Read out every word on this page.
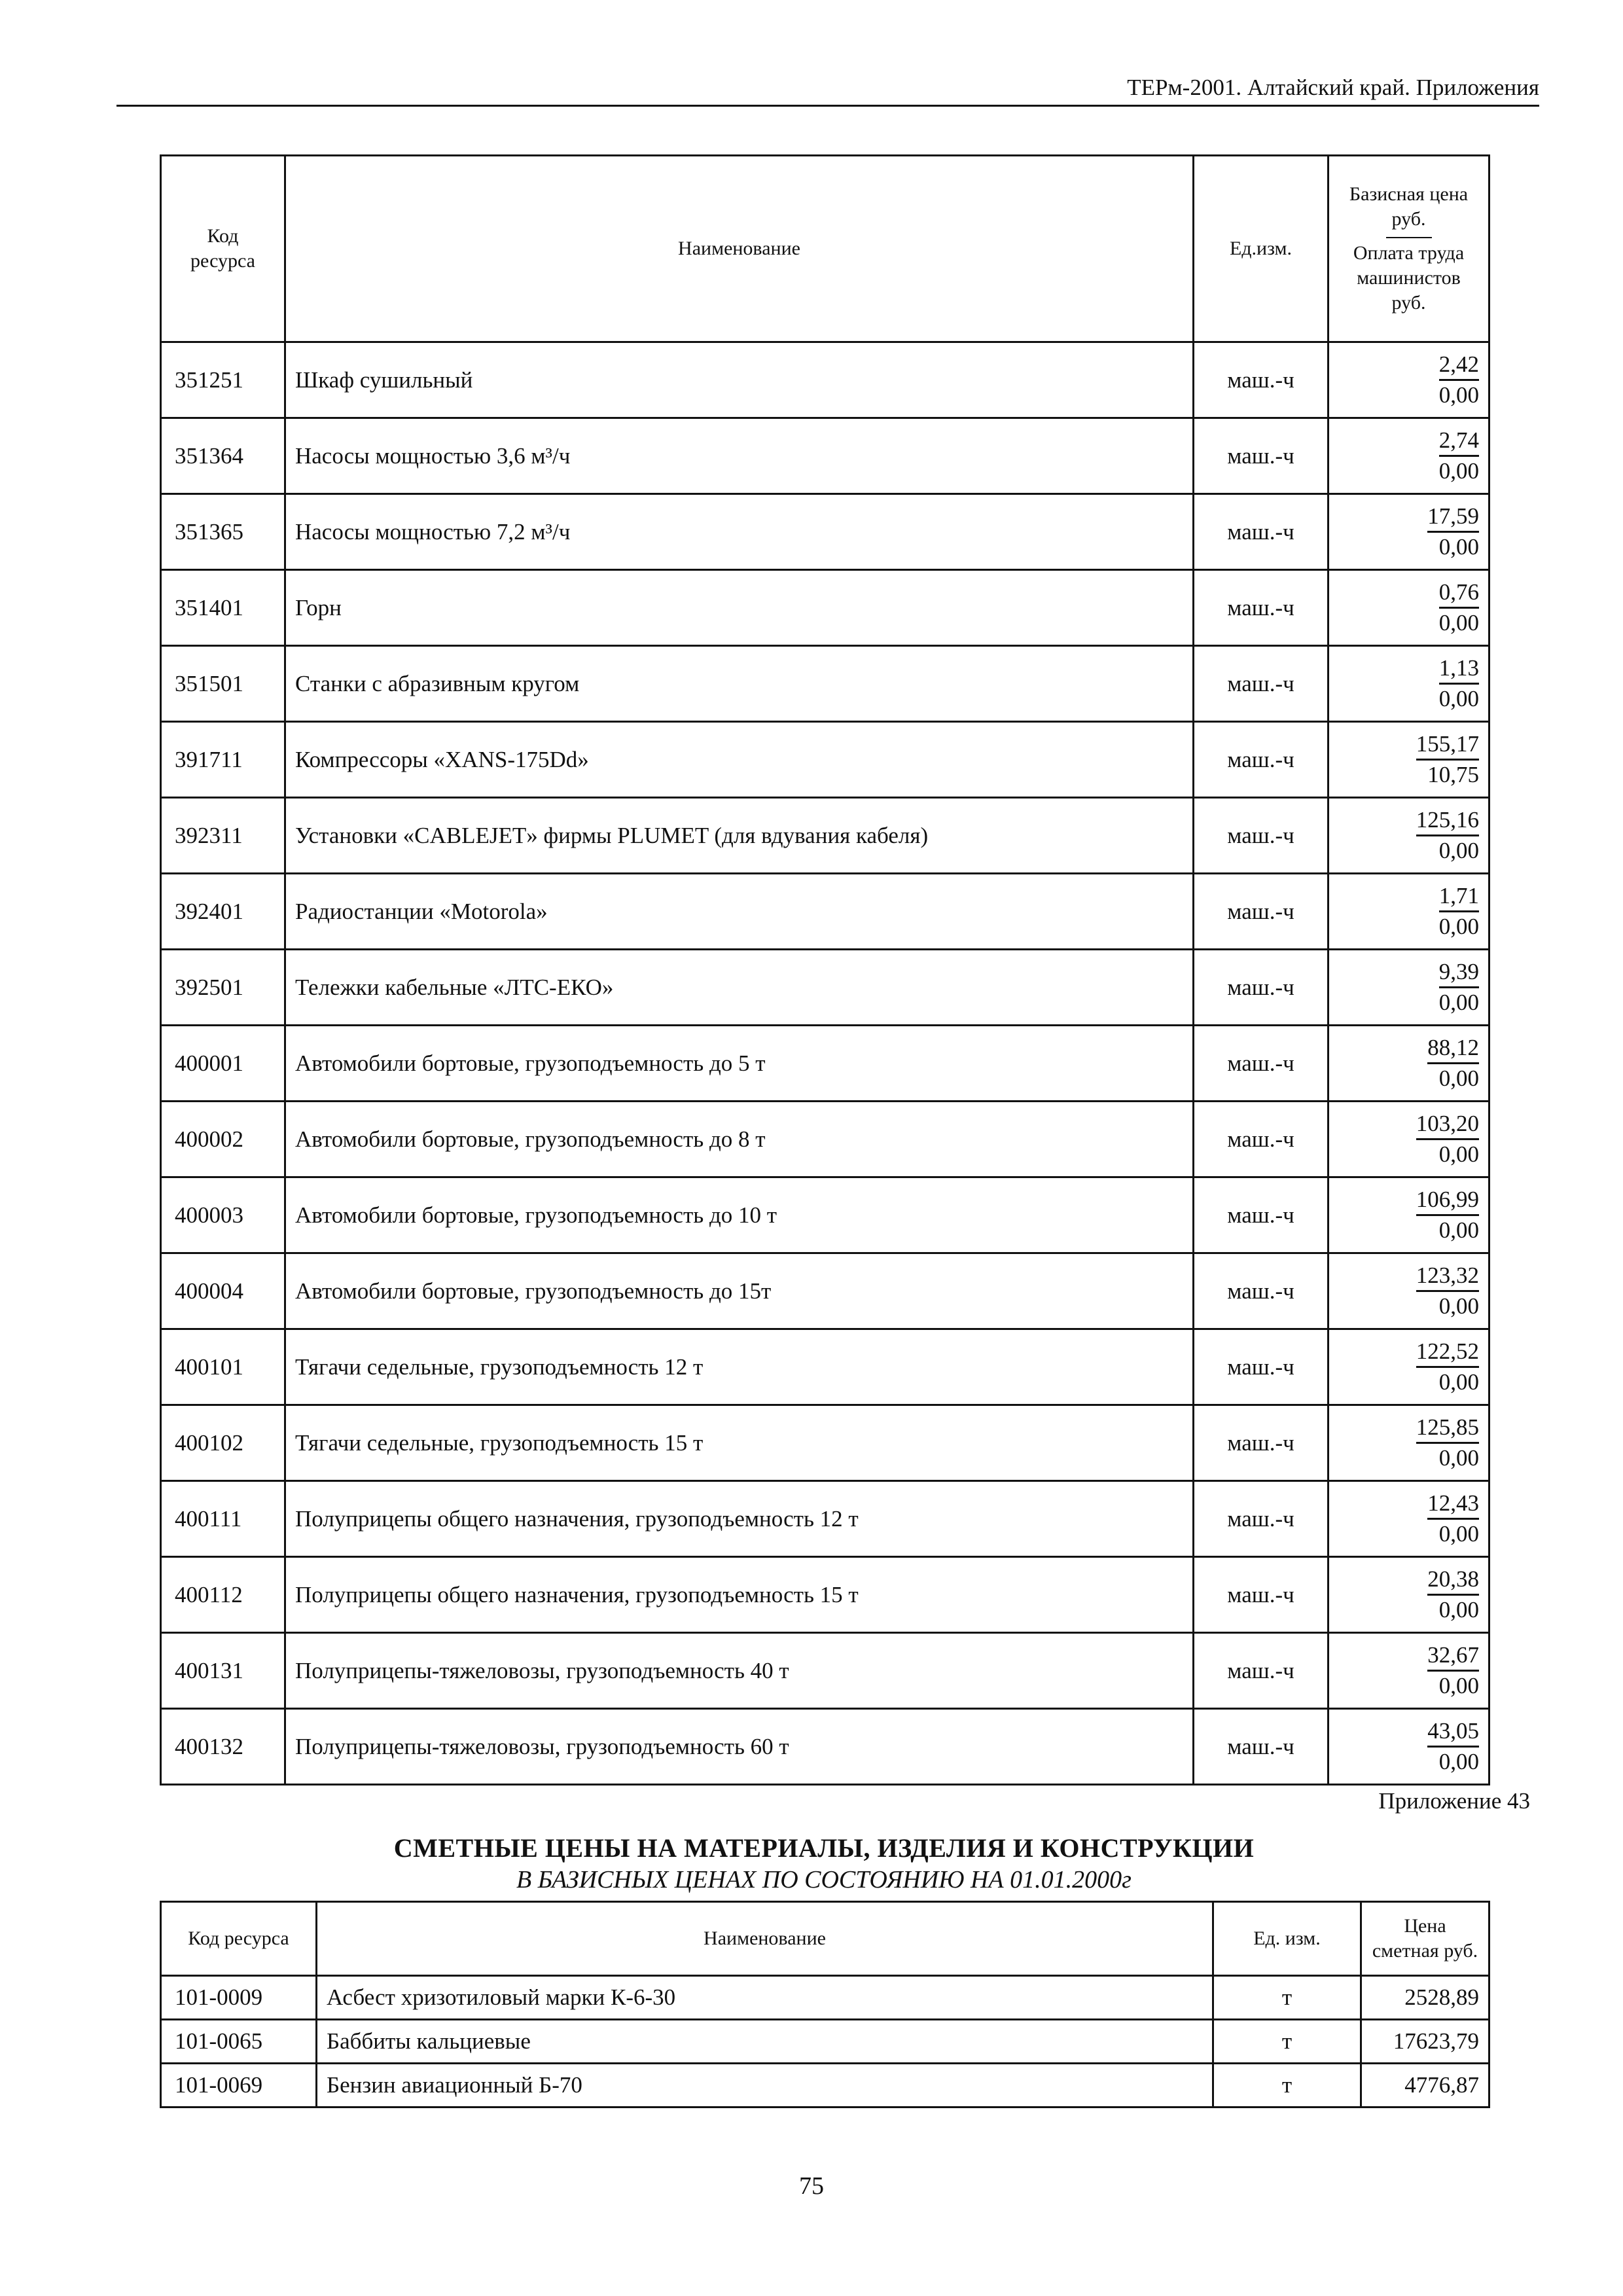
ТЕРм-2001. Алтайский край. Приложения
Код ресурса	Наименование	Ед.изм.	Базисная цена руб.
Оплата труда машинистов руб.
351251	Шкаф сушильный	маш.-ч	$\frac{2,42}{0,00}$

351364	Насосы мощностью 3,6 м³/ч	маш.-ч	$\frac{2,74}{0,00}$

351365	Насосы мощностью 7,2 м³/ч	маш.-ч	$\frac{17,59}{0,00}$

351401	Горн	маш.-ч	$\frac{0,76}{0,00}$

351501	Станки с абразивным кругом	маш.-ч	$\frac{1,13}{0,00}$

391711	Компрессоры «XANS-175Dd»	маш.-ч	$\frac{155,17}{10,75}$

392311	Установки «CABLEJET» фирмы PLUMET (для вдувания кабеля)	маш.-ч	$\frac{125,16}{0,00}$

392401	Радиостанции «Motorola»	маш.-ч	$\frac{1,71}{0,00}$

392501	Тележки кабельные «ЛТС-ЕКО»	маш.-ч	$\frac{9,39}{0,00}$

400001	Автомобили бортовые, грузоподъемность до 5 т	маш.-ч	$\frac{88,12}{0,00}$

400002	Автомобили бортовые, грузоподъемность до 8 т	маш.-ч	$\frac{103,20}{0,00}$

400003	Автомобили бортовые, грузоподъемность до 10 т	маш.-ч	$\frac{106,99}{0,00}$

400004	Автомобили бортовые, грузоподъемность до 15т	маш.-ч	$\frac{123,32}{0,00}$

400101	Тягачи седельные, грузоподъемность 12 т	маш.-ч	$\frac{122,52}{0,00}$

400102	Тягачи седельные, грузоподъемность 15 т	маш.-ч	$\frac{125,85}{0,00}$

400111	Полуприцепы общего назначения, грузоподъемность 12 т	маш.-ч	$\frac{12,43}{0,00}$

400112	Полуприцепы общего назначения, грузоподъемность 15 т	маш.-ч	$\frac{20,38}{0,00}$

400131	Полуприцепы-тяжеловозы, грузоподъемность 40 т	маш.-ч	$\frac{32,67}{0,00}$

400132	Полуприцепы-тяжеловозы, грузоподъемность 60 т	маш.-ч	$\frac{43,05}{0,00}$
Приложение 43
СМЕТНЫЕ ЦЕНЫ НА МАТЕРИАЛЫ, ИЗДЕЛИЯ И КОНСТРУКЦИИ
В БАЗИСНЫХ ЦЕНАХ ПО СОСТОЯНИЮ НА 01.01.2000г
Код ресурса	Наименование	Ед. изм.	Цена сметная руб.
101-0009	Асбест хризотиловый марки К-6-30	т	2528,89
101-0065	Баббиты кальциевые	т	17623,79
101-0069	Бензин авиационный Б-70	т	4776,87
75
